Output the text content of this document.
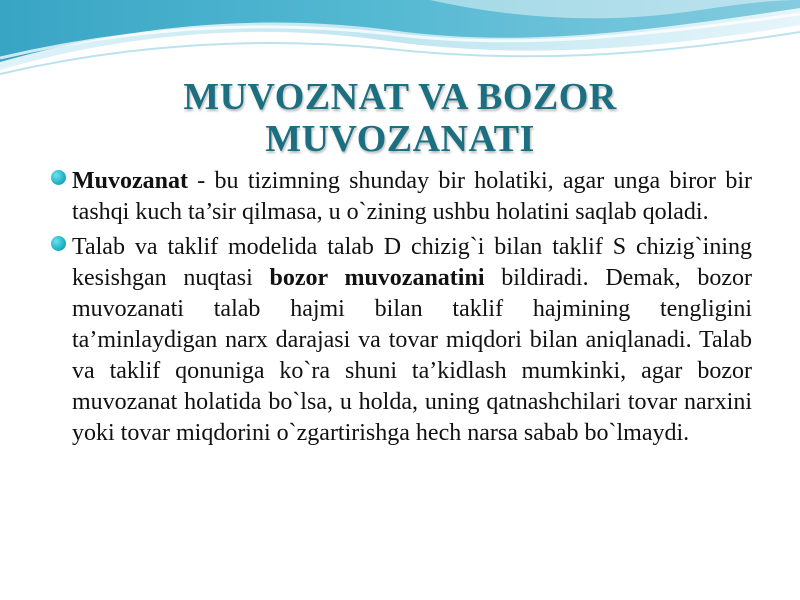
MUVOZNAT VA BOZOR
MUVOZANATI

Muvozanat - bu tizimning shunday bir holatiki, agar unga biror bir tashqi kuch ta’sir qilmasa, u o`zining ushbu holatini saqlab qoladi.

Talab va taklif modelida talab D chizig`i bilan taklif S chizig`ining kesishgan nuqtasi bozor muvozanatini bildiradi. Demak, bozor muvozanati talab hajmi bilan taklif hajmining tengligini ta’minlaydigan narx darajasi va tovar miqdori bilan aniqlanadi. Talab va taklif qonuniga ko`ra shuni ta’kidlash mumkinki, agar bozor muvozanat holatida bo`lsa, u holda, uning qatnashchilari tovar narxini yoki tovar miqdorini o`zgartirishga hech narsa sabab bo`lmaydi.
